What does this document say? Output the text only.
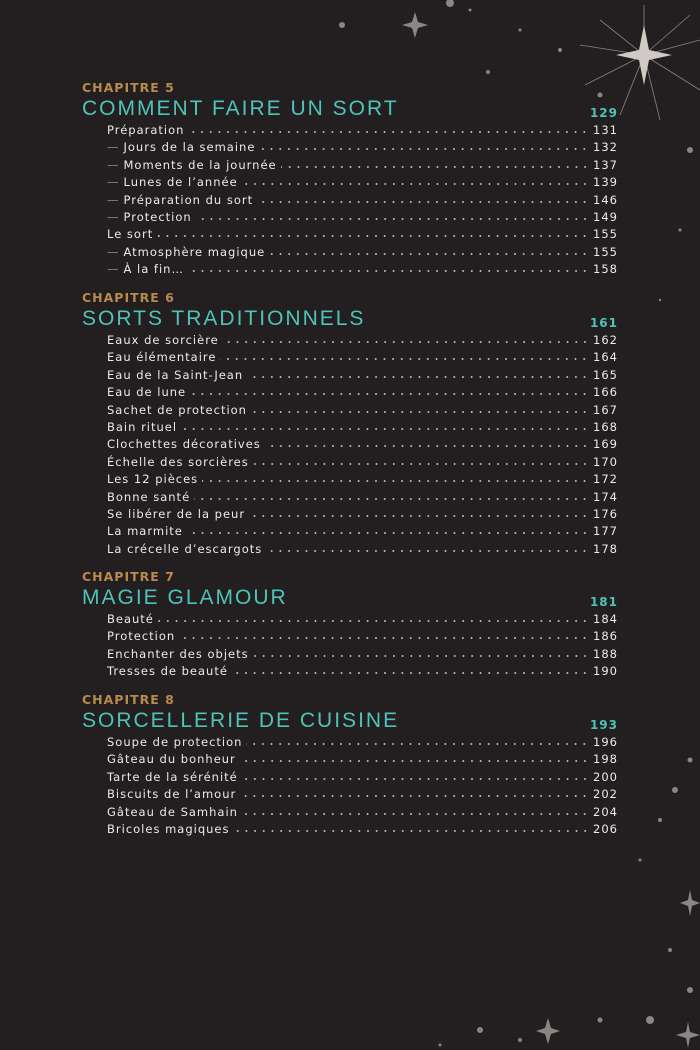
CHAPITRE 5
COMMENT FAIRE UN SORT	129
Préparation	131
— Jours de la semaine	132
— Moments de la journée	137
— Lunes de l’année	139
— Préparation du sort	146
— Protection	149
Le sort	155
— Atmosphère magique	155
— À la fin…	158
CHAPITRE 6
SORTS TRADITIONNELS	161
Eaux de sorcière	162
Eau élémentaire	164
Eau de la Saint-Jean	165
Eau de lune	166
Sachet de protection	167
Bain rituel	168
Clochettes décoratives	169
Échelle des sorcières	170
Les 12 pièces	172
Bonne santé	174
Se libérer de la peur	176
La marmite	177
La crécelle d’escargots	178
CHAPITRE 7
MAGIE GLAMOUR	181
Beauté	184
Protection	186
Enchanter des objets	188
Tresses de beauté	190
CHAPITRE 8
SORCELLERIE DE CUISINE	193
Soupe de protection	196
Gâteau du bonheur	198
Tarte de la sérénité	200
Biscuits de l’amour	202
Gâteau de Samhain	204
Bricoles magiques	206
